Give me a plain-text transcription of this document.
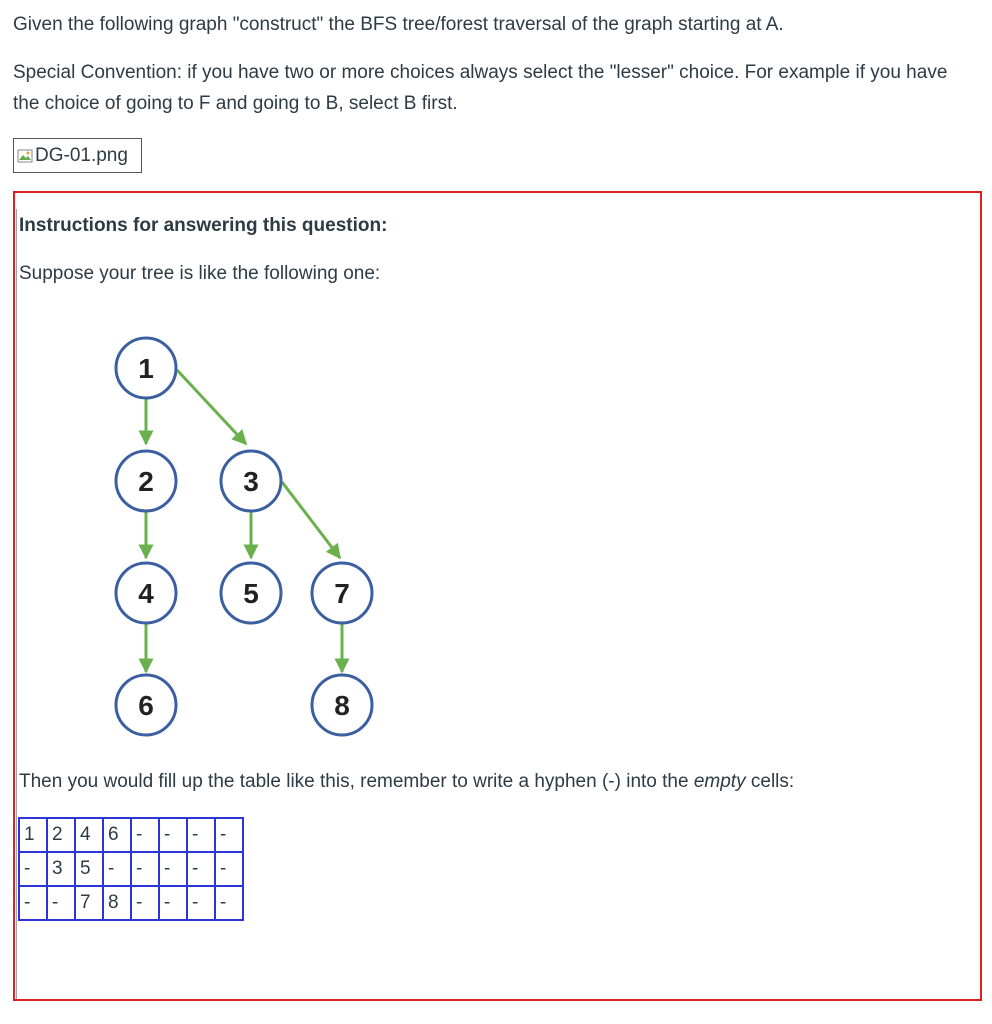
Given the following graph "construct" the BFS tree/forest traversal of the graph starting at A.

Special Convention: if you have two or more choices always select the "lesser" choice. For example if you have the choice of going to F and going to B, select B first.

DG-01.png

Instructions for answering this question:

Suppose your tree is like the following one:

1
2	3
4	5	7
6	8

Then you would fill up the table like this, remember to write a hyphen (-) into the empty cells:

1	2	4	6	-	-	-	-
-	3	5	-	-	-	-	-
-	-	7	8	-	-	-	-
